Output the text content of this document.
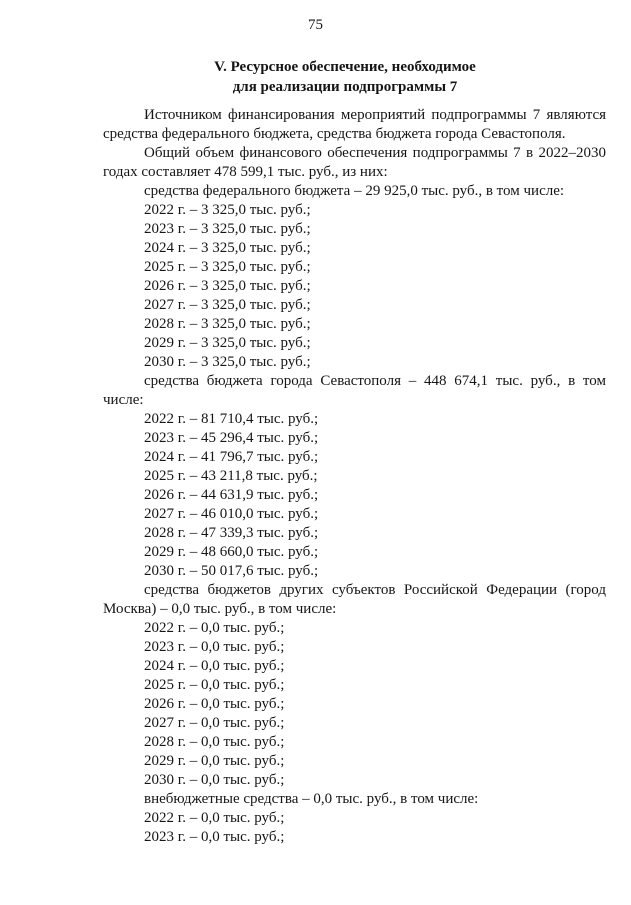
75
V. Ресурсное обеспечение, необходимое
для реализации подпрограммы 7

Источником финансирования мероприятий подпрограммы 7 являются средства федерального бюджета, средства бюджета города Севастополя.

Общий объем финансового обеспечения подпрограммы 7 в 2022–2030 годах составляет 478 599,1 тыс. руб., из них:

средства федерального бюджета – 29 925,0 тыс. руб., в том числе:

2022 г. – 3 325,0 тыс. руб.;

2023 г. – 3 325,0 тыс. руб.;

2024 г. – 3 325,0 тыс. руб.;

2025 г. – 3 325,0 тыс. руб.;

2026 г. – 3 325,0 тыс. руб.;

2027 г. – 3 325,0 тыс. руб.;

2028 г. – 3 325,0 тыс. руб.;

2029 г. – 3 325,0 тыс. руб.;

2030 г. – 3 325,0 тыс. руб.;

средства бюджета города Севастополя – 448 674,1 тыс. руб., в том числе:

2022 г. – 81 710,4 тыс. руб.;

2023 г. – 45 296,4 тыс. руб.;

2024 г. – 41 796,7 тыс. руб.;

2025 г. – 43 211,8 тыс. руб.;

2026 г. – 44 631,9 тыс. руб.;

2027 г. – 46 010,0 тыс. руб.;

2028 г. – 47 339,3 тыс. руб.;

2029 г. – 48 660,0 тыс. руб.;

2030 г. – 50 017,6 тыс. руб.;

средства бюджетов других субъектов Российской Федерации (город Москва) – 0,0 тыс. руб., в том числе:

2022 г. – 0,0 тыс. руб.;

2023 г. – 0,0 тыс. руб.;

2024 г. – 0,0 тыс. руб.;

2025 г. – 0,0 тыс. руб.;

2026 г. – 0,0 тыс. руб.;

2027 г. – 0,0 тыс. руб.;

2028 г. – 0,0 тыс. руб.;

2029 г. – 0,0 тыс. руб.;

2030 г. – 0,0 тыс. руб.;

внебюджетные средства – 0,0 тыс. руб., в том числе:

2022 г. – 0,0 тыс. руб.;

2023 г. – 0,0 тыс. руб.;
